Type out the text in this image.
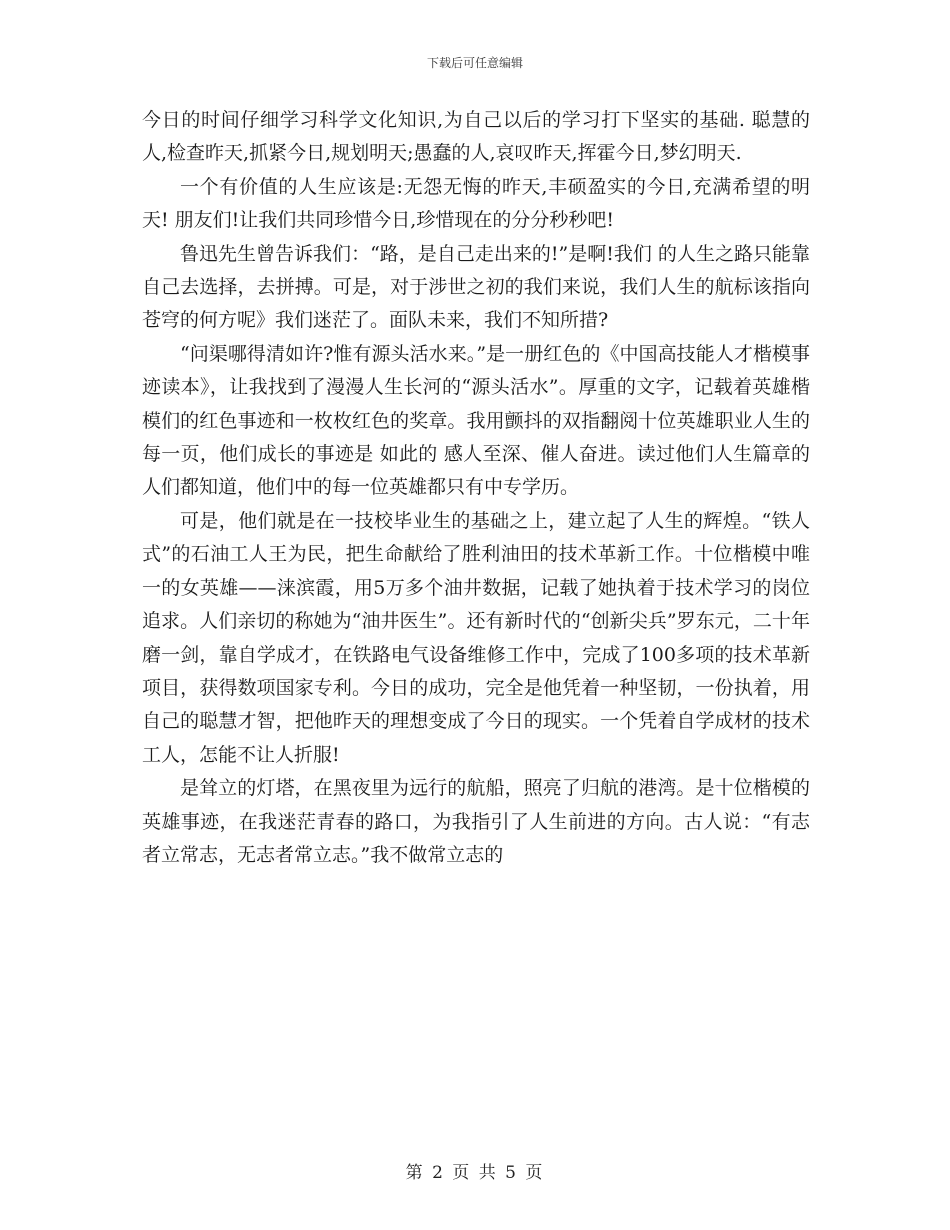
下载后可任意编辑

今日的时间仔细学习科学文化知识,为自己以后的学习打下坚实的基础. 聪慧的人,检查昨天,抓紧今日,规划明天;愚蠢的人,哀叹昨天,挥霍今日,梦幻明天.

一个有价值的人生应该是:无怨无悔的昨天,丰硕盈实的今日,充满希望的明天! 朋友们!让我们共同珍惜今日,珍惜现在的分分秒秒吧!

鲁迅先生曾告诉我们：“路，是自己走出来的!”是啊!我们 的人生之路只能靠自己去选择，去拼搏。可是，对于涉世之初的我们来说，我们人生的航标该指向苍穹的何方呢》我们迷茫了。面队未来，我们不知所措?

“问渠哪得清如许?惟有源头活水来。”是一册红色的《中国高技能人才楷模事迹读本》，让我找到了漫漫人生长河的“源头活水”。厚重的文字，记载着英雄楷模们的红色事迹和一枚枚红色的奖章。我用颤抖的双指翻阅十位英雄职业人生的每一页，他们成长的事迹是 如此的 感人至深、催人奋进。读过他们人生篇章的人们都知道，他们中的每一位英雄都只有中专学历。

可是，他们就是在一技校毕业生的基础之上，建立起了人生的辉煌。“铁人式”的石油工人王为民，把生命献给了胜利油田的技术革新工作。十位楷模中唯一的女英雄——涞滨霞，用5万多个油井数据，记载了她执着于技术学习的岗位追求。人们亲切的称她为“油井医生”。还有新时代的“创新尖兵”罗东元，二十年磨一剑，靠自学成才，在铁路电气设备维修工作中，完成了100多项的技术革新项目，获得数项国家专利。今日的成功，完全是他凭着一种坚韧，一份执着，用自己的聪慧才智，把他昨天的理想变成了今日的现实。一个凭着自学成材的技术工人，怎能不让人折服!

是耸立的灯塔，在黑夜里为远行的航船，照亮了归航的港湾。是十位楷模的英雄事迹，在我迷茫青春的路口，为我指引了人生前进的方向。古人说：“有志者立常志，无志者常立志。”我不做常立志的

第 2 页 共 5 页
